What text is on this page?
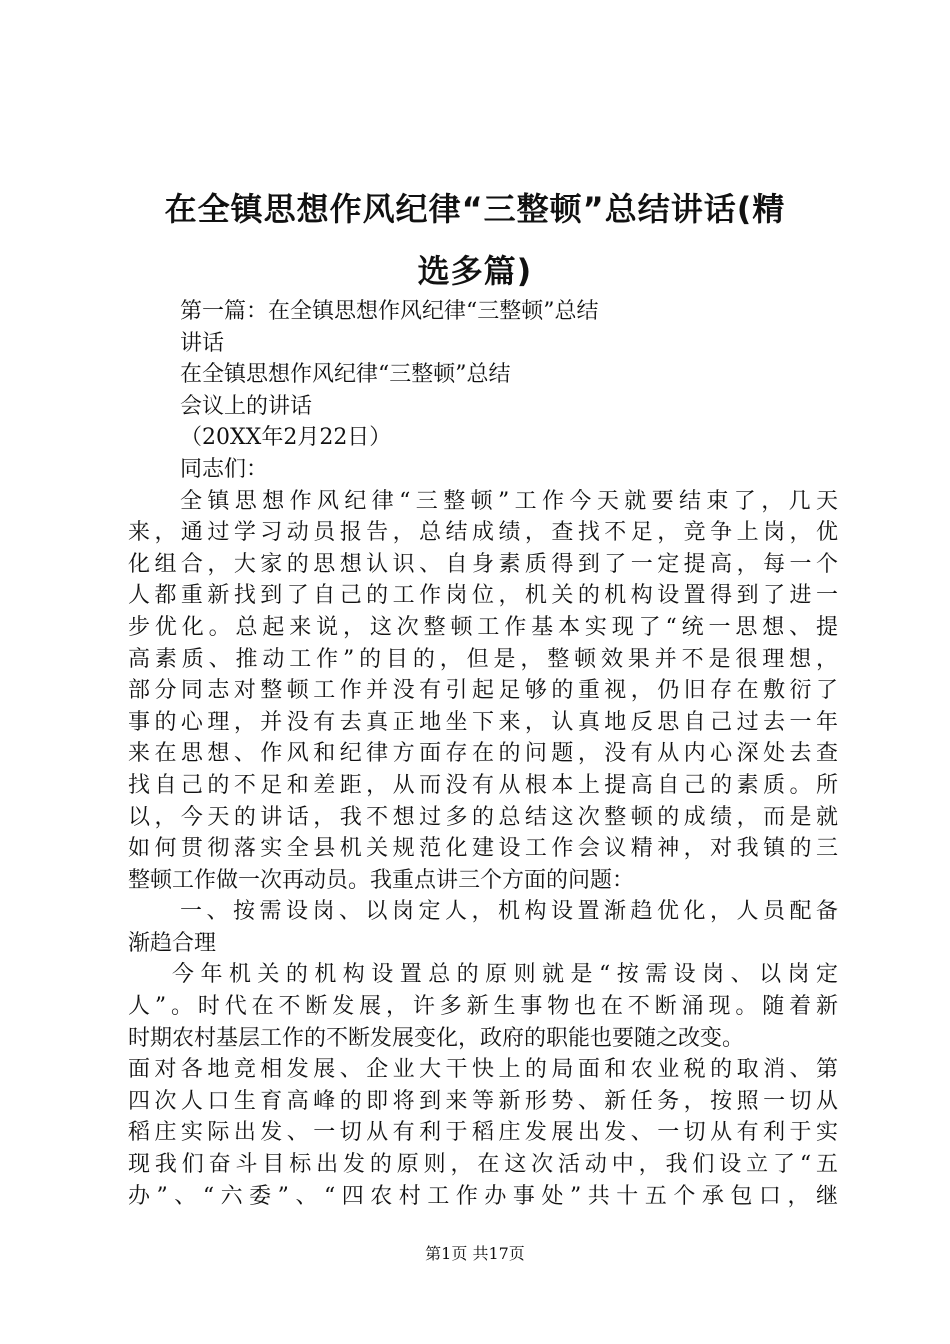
在全镇思想作风纪律“三整顿”总结讲话(精
选多篇)
第一篇：在全镇思想作风纪律“三整顿”总结
讲话
在全镇思想作风纪律“三整顿”总结
会议上的讲话
（20XX年2月22日）
同志们：
全镇思想作风纪律“三整顿”工作今天就要结束了，几天
来，通过学习动员报告，总结成绩，查找不足，竞争上岗，优
化组合，大家的思想认识、自身素质得到了一定提高，每一个
人都重新找到了自己的工作岗位，机关的机构设置得到了进一
步优化。总起来说，这次整顿工作基本实现了“统一思想、提
高素质、推动工作”的目的，但是，整顿效果并不是很理想，
部分同志对整顿工作并没有引起足够的重视，仍旧存在敷衍了
事的心理，并没有去真正地坐下来，认真地反思自己过去一年
来在思想、作风和纪律方面存在的问题，没有从内心深处去查
找自己的不足和差距，从而没有从根本上提高自己的素质。所
以，今天的讲话，我不想过多的总结这次整顿的成绩，而是就
如何贯彻落实全县机关规范化建设工作会议精神，对我镇的三
整顿工作做一次再动员。我重点讲三个方面的问题：
一、按需设岗、以岗定人，机构设置渐趋优化，人员配备
渐趋合理
今年机关的机构设置总的原则就是“按需设岗、以岗定
人”。时代在不断发展，许多新生事物也在不断涌现。随着新
时期农村基层工作的不断发展变化，政府的职能也要随之改变。
面对各地竞相发展、企业大干快上的局面和农业税的取消、第
四次人口生育高峰的即将到来等新形势、新任务，按照一切从
稻庄实际出发、一切从有利于稻庄发展出发、一切从有利于实
现我们奋斗目标出发的原则，在这次活动中，我们设立了“五
办”、“六委”、“四农村工作办事处”共十五个承包口，继
第1页 共17页
